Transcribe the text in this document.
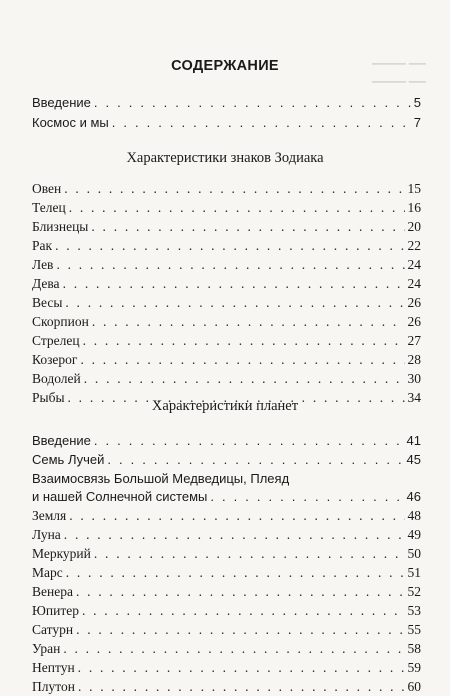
▁▁▁▁ ▁▁
▁▁▁▁ ▁▁
СОДЕРЖАНИЕ
Введение . . .	5
Космос и мы . . .	7
Характеристики знаков Зодиака
Овен . . .	15
Телец . . .	16
Близнецы . . .	20
Рак . . .	22
Лев . . .	24
Дева . . .	24
Весы . . .	26
Скорпион . . .	26
Стрелец . . .	27
Козерог . . .	28
Водолей . . .	30
Рыбы . . .	34
Характеристики планет
Введение . . .	41
Семь Лучей . . .	45
Взаимосвязь Большой Медведицы, Плеяд
и нашей Солнечной системы . . .	46
Земля . . .	48
Луна . . .	49
Меркурий . . .	50
Марс . . .	51
Венера . . .	52
Юпитер . . .	53
Сатурн . . .	55
Уран . . .	58
Нептун . . .	59
Плутон . . .	60
